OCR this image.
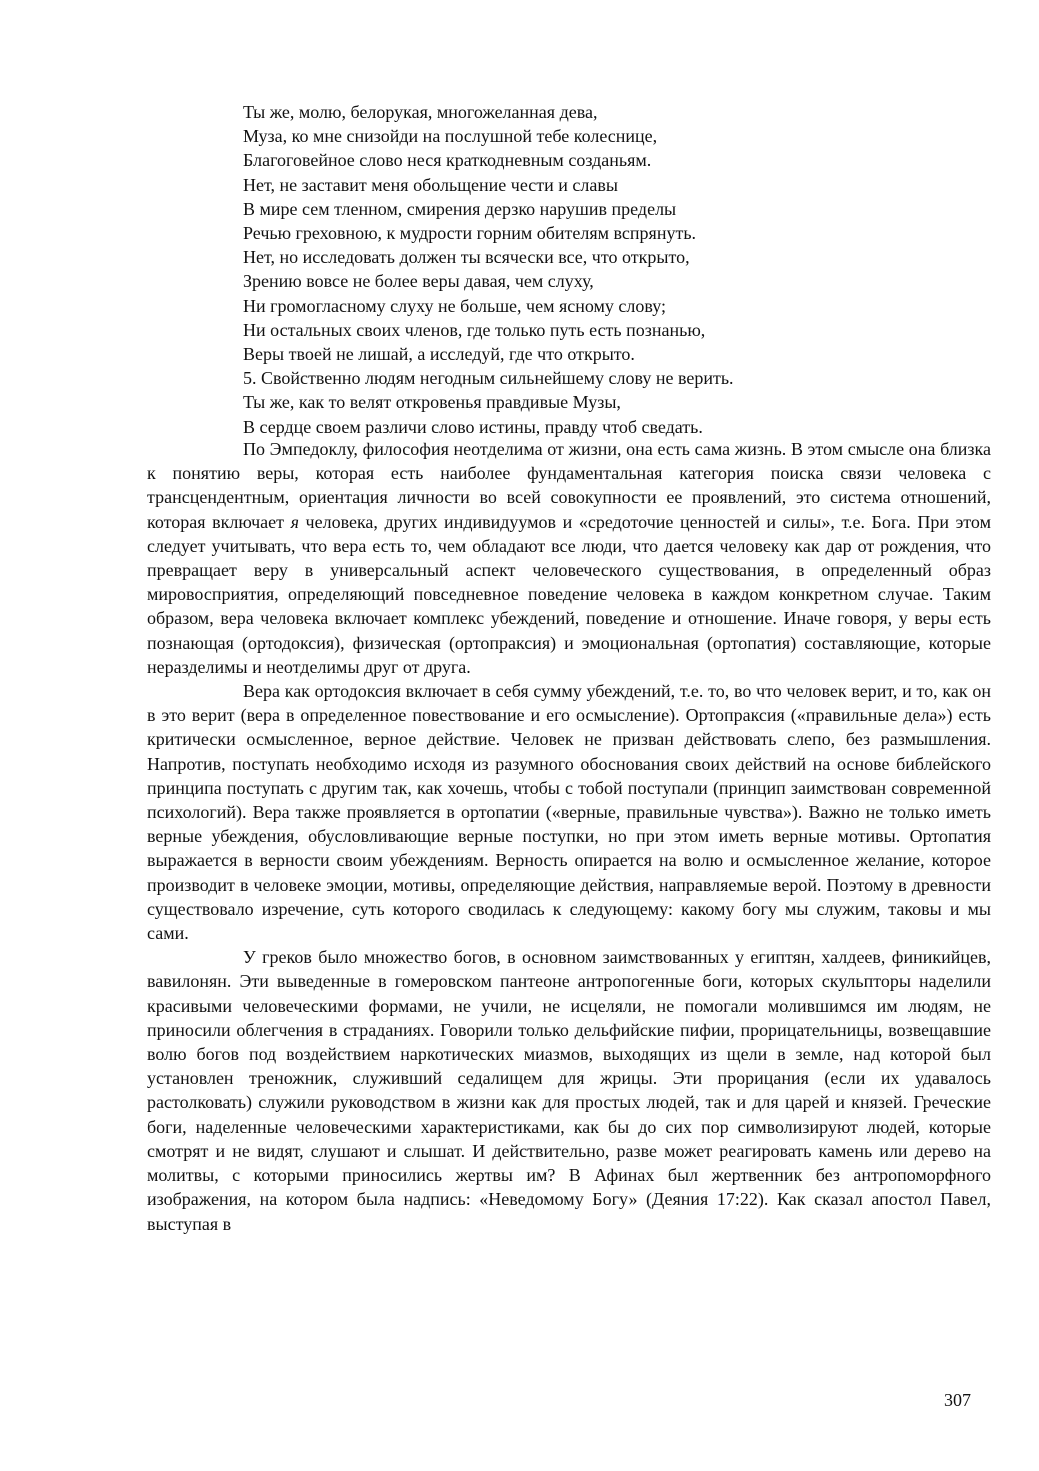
Ты же, молю, белорукая, многожеланная дева,
Муза, ко мне снизойди на послушной тебе колеснице,
Благоговейное слово неся краткодневным созданьям.
Нет, не заставит меня обольщение чести и славы
В мире сем тленном, смирения дерзко нарушив пределы
Речью греховною, к мудрости горним обителям вспрянуть.
Нет, но исследовать должен ты всячески все, что открыто,
Зрению вовсе не более веры давая, чем слуху,
Ни громогласному слуху не больше, чем ясному слову;
Ни остальных своих членов, где только путь есть познанью,
Веры твоей не лишай, а исследуй, где что открыто.
5. Свойственно людям негодным сильнейшему слову не верить.
Ты же, как то велят откровенья правдивые Музы,
В сердце своем различи слово истины, правду чтоб сведать.

По Эмпедоклу, философия неотделима от жизни, она есть сама жизнь. В этом смысле она близка к понятию веры, которая есть наиболее фундаментальная категория поиска связи человека с трансцендентным, ориентация личности во всей совокупности ее проявлений, это система отношений, которая включает я человека, других индивидуумов и «средоточие ценностей и силы», т.е. Бога. При этом следует учитывать, что вера есть то, чем обладают все люди, что дается человеку как дар от рождения, что превращает веру в универсальный аспект человеческого существования, в определенный образ мировосприятия, определяющий повседневное поведение человека в каждом конкретном случае. Таким образом, вера человека включает комплекс убеждений, поведение и отношение. Иначе говоря, у веры есть познающая (ортодоксия), физическая (ортопраксия) и эмоциональная (ортопатия) составляющие, которые неразделимы и неотделимы друг от друга.

Вера как ортодоксия включает в себя сумму убеждений, т.е. то, во что человек верит, и то, как он в это верит (вера в определенное повествование и его осмысление). Ортопраксия («правильные дела») есть критически осмысленное, верное действие. Человек не призван действовать слепо, без размышления. Напротив, поступать необходимо исходя из разумного обоснования своих действий на основе библейского принципа поступать с другим так, как хочешь, чтобы с тобой поступали (принцип заимствован современной психологий). Вера также проявляется в ортопатии («верные, правильные чувства»). Важно не только иметь верные убеждения, обусловливающие верные поступки, но при этом иметь верные мотивы. Ортопатия выражается в верности своим убеждениям. Верность опирается на волю и осмысленное желание, которое производит в человеке эмоции, мотивы, определяющие действия, направляемые верой. Поэтому в древности существовало изречение, суть которого сводилась к следующему: какому богу мы служим, таковы и мы сами.

У греков было множество богов, в основном заимствованных у египтян, халдеев, финикийцев, вавилонян. Эти выведенные в гомеровском пантеоне антропогенные боги, которых скульпторы наделили красивыми человеческими формами, не учили, не исцеляли, не помогали молившимся им людям, не приносили облегчения в страданиях. Говорили только дельфийские пифии, прорицательницы, возвещавшие волю богов под воздействием наркотических миазмов, выходящих из щели в земле, над которой был установлен треножник, служивший седалищем для жрицы. Эти прорицания (если их удавалось растолковать) служили руководством в жизни как для простых людей, так и для царей и князей. Греческие боги, наделенные человеческими характеристиками, как бы до сих пор символизируют людей, которые смотрят и не видят, слушают и слышат. И действительно, разве может реагировать камень или дерево на молитвы, с которыми приносились жертвы им? В Афинах был жертвенник без антропоморфного изображения, на котором была надпись: «Неведомому Богу» (Деяния 17:22). Как сказал апостол Павел, выступая в

307
